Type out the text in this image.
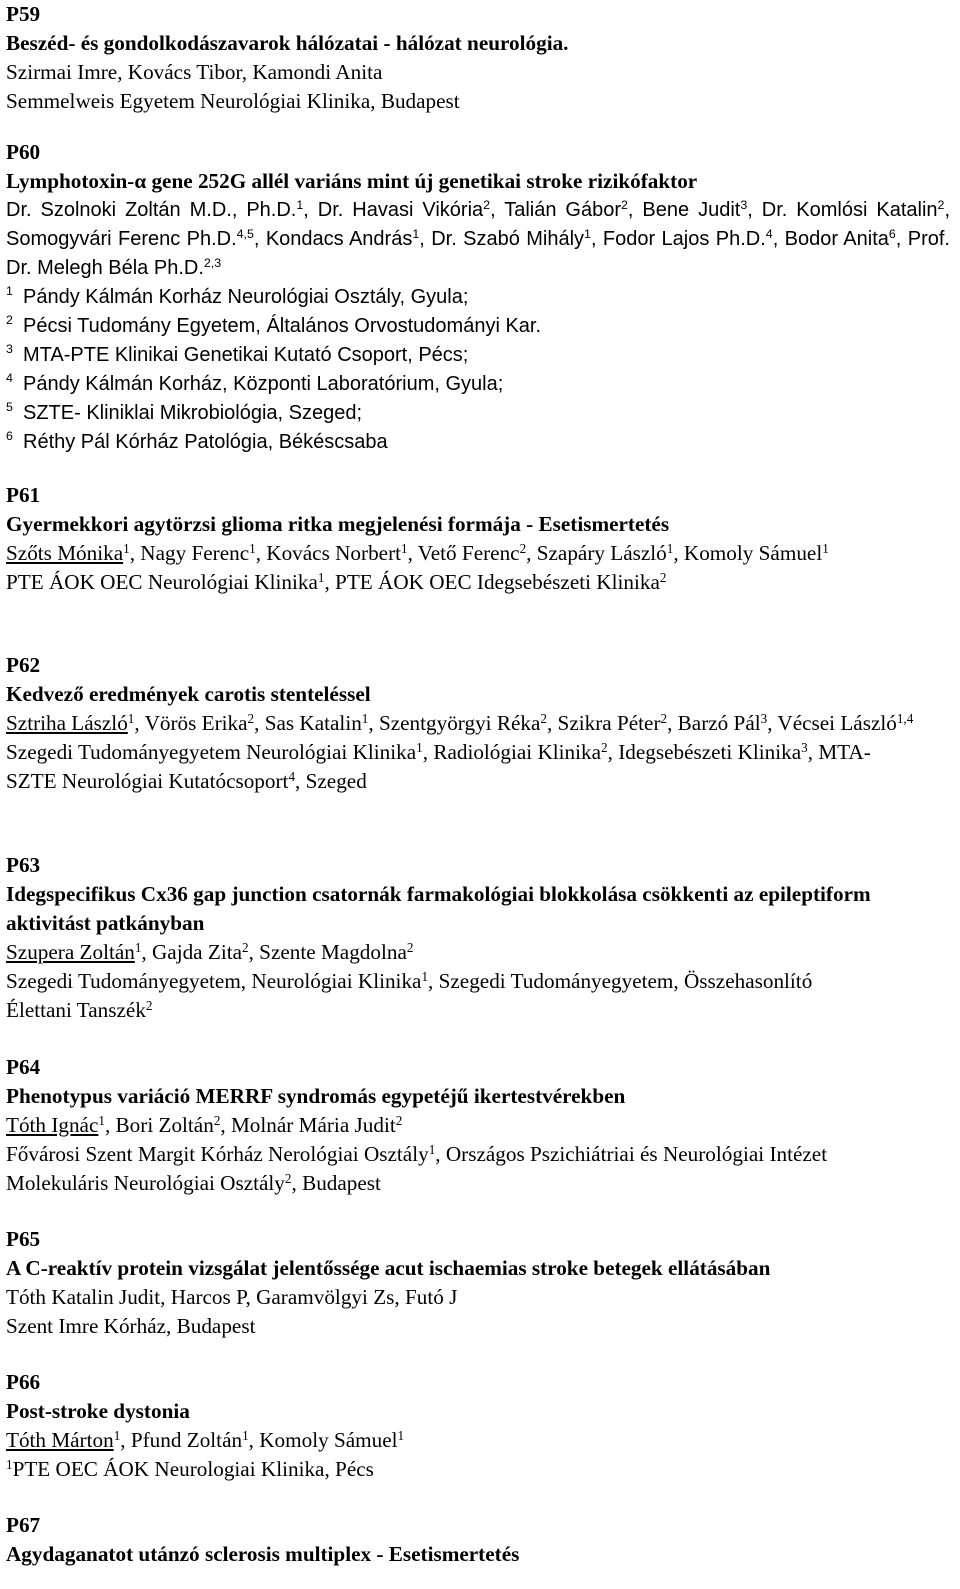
P59
Beszéd- és gondolkodászavarok hálózatai - hálózat neurológia.
Szirmai Imre, Kovács Tibor, Kamondi Anita
Semmelweis Egyetem Neurológiai Klinika, Budapest
P60
Lymphotoxin-α gene 252G allél variáns mint új genetikai stroke rizikófaktor
Dr. Szolnoki Zoltán M.D., Ph.D.$^1$, Dr. Havasi Vikória$^2$, Talián Gábor$^2$, Bene Judit$^3$, Dr. Komlósi Katalin$^2$, Somogyvári Ferenc Ph.D.$^{4,5}$, Kondacs András$^1$, Dr. Szabó Mihály$^1$, Fodor Lajos Ph.D.$^4$, Bodor Anita$^6$, Prof. Dr. Melegh Béla Ph.D.$^{2,3}$
$^1$ Pándy Kálmán Korház Neurológiai Osztály, Gyula;
$^2$ Pécsi Tudomány Egyetem, Általános Orvostudományi Kar.
$^3$ MTA-PTE Klinikai Genetikai Kutató Csoport, Pécs;
$^4$ Pándy Kálmán Korház, Központi Laboratórium, Gyula;
$^5$ SZTE- Kliniklai Mikrobiológia, Szeged;
$^6$ Réthy Pál Kórház Patológia, Békéscsaba
P61
Gyermekkori agytörzsi glioma ritka megjelenési formája - Esetismertetés
Szőts Mónika$^1$, Nagy Ferenc$^1$, Kovács Norbert$^1$, Vető Ferenc$^2$, Szapáry László$^1$, Komoly Sámuel$^1$
PTE ÁOK OEC Neurológiai Klinika$^1$, PTE ÁOK OEC Idegsebészeti Klinika$^2$
P62
Kedvező eredmények carotis stenteléssel
Sztriha László$^1$, Vörös Erika$^2$, Sas Katalin$^1$, Szentgyörgyi Réka$^2$, Szikra Péter$^2$, Barzó Pál$^3$, Vécsei László$^{1,4}$
Szegedi Tudományegyetem Neurológiai Klinika$^1$, Radiológiai Klinika$^2$, Idegsebészeti Klinika$^3$, MTA-SZTE Neurológiai Kutatócsoport$^4$, Szeged
P63
Idegspecifikus Cx36 gap junction csatornák farmakológiai blokkolása csökkenti az epileptiform aktivitást patkányban
Szupera Zoltán$^1$, Gajda Zita$^2$, Szente Magdolna$^2$
Szegedi Tudományegyetem, Neurológiai Klinika$^1$, Szegedi Tudományegyetem, Összehasonlító Élettani Tanszék$^2$
P64
Phenotypus variáció MERRF syndromás egypetéjű ikertestvérekben
Tóth Ignác$^1$, Bori Zoltán$^2$, Molnár Mária Judit$^2$
Fővárosi Szent Margit Kórház Nerológiai Osztály$^1$, Országos Pszichiátriai és Neurológiai Intézet Molekuláris Neurológiai Osztály$^2$, Budapest
P65
A C-reaktív protein vizsgálat jelentőssége acut ischaemias stroke betegek ellátásában
Tóth Katalin Judit, Harcos P, Garamvölgyi Zs, Futó J
Szent Imre Kórház, Budapest
P66
Post-stroke dystonia
Tóth Márton$^1$, Pfund Zoltán$^1$, Komoly Sámuel$^1$
$^1$PTE OEC ÁOK Neurologiai Klinika, Pécs
P67
Agydaganatot utánzó sclerosis multiplex - Esetismertetés
